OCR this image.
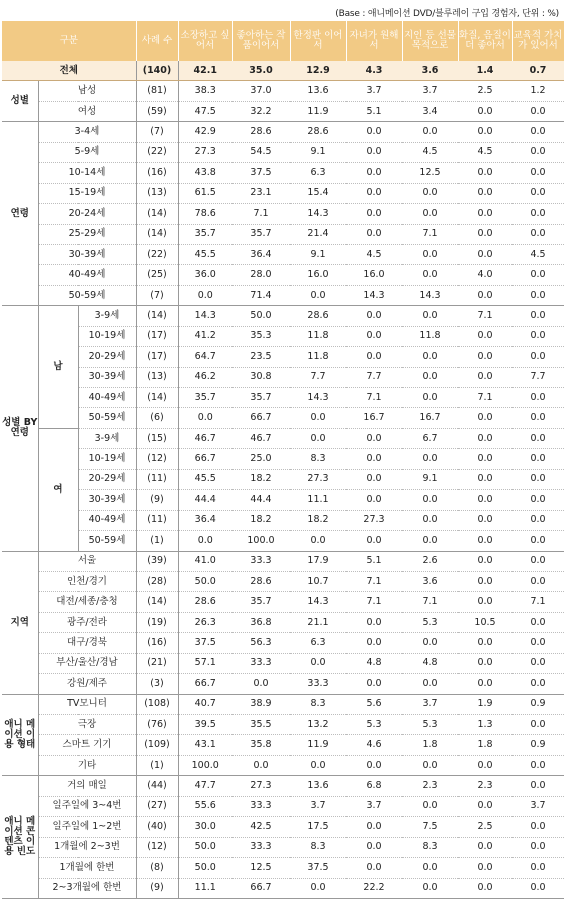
(Base : 애니메이션 DVD/블루레이 구입 경험자, 단위 : %)
구분			사례 수	소장하고 싶어서	좋아하는 작품이어서	한정판 이어서	자녀가 원해서	지인 등 선물 목적으로	화질, 음질이 더 좋아서	교육적 가치가 있어서
전체			(140)	42.1	35.0	12.9	4.3	3.6	1.4	0.7
성별	남성		(81)	38.3	37.0	13.6	3.7	3.7	2.5	1.2
	여성		(59)	47.5	32.2	11.9	5.1	3.4	0.0	0.0
연령	3-4세		(7)	42.9	28.6	28.6	0.0	0.0	0.0	0.0
	5-9세		(22)	27.3	54.5	9.1	0.0	4.5	4.5	0.0
	10-14세		(16)	43.8	37.5	6.3	0.0	12.5	0.0	0.0
	15-19세		(13)	61.5	23.1	15.4	0.0	0.0	0.0	0.0
	20-24세		(14)	78.6	7.1	14.3	0.0	0.0	0.0	0.0
	25-29세		(14)	35.7	35.7	21.4	0.0	7.1	0.0	0.0
	30-39세		(22)	45.5	36.4	9.1	4.5	0.0	0.0	4.5
	40-49세		(25)	36.0	28.0	16.0	16.0	0.0	4.0	0.0
	50-59세		(7)	0.0	71.4	0.0	14.3	14.3	0.0	0.0
성별 BY 연령	남	3-9세	(14)	14.3	50.0	28.6	0.0	0.0	7.1	0.0
		10-19세	(17)	41.2	35.3	11.8	0.0	11.8	0.0	0.0
		20-29세	(17)	64.7	23.5	11.8	0.0	0.0	0.0	0.0
		30-39세	(13)	46.2	30.8	7.7	7.7	0.0	0.0	7.7
		40-49세	(14)	35.7	35.7	14.3	7.1	0.0	7.1	0.0
		50-59세	(6)	0.0	66.7	0.0	16.7	16.7	0.0	0.0
	여	3-9세	(15)	46.7	46.7	0.0	0.0	6.7	0.0	0.0
		10-19세	(12)	66.7	25.0	8.3	0.0	0.0	0.0	0.0
		20-29세	(11)	45.5	18.2	27.3	0.0	9.1	0.0	0.0
		30-39세	(9)	44.4	44.4	11.1	0.0	0.0	0.0	0.0
		40-49세	(11)	36.4	18.2	18.2	27.3	0.0	0.0	0.0
		50-59세	(1)	0.0	100.0	0.0	0.0	0.0	0.0	0.0
지역	서울		(39)	41.0	33.3	17.9	5.1	2.6	0.0	0.0
	인천/경기		(28)	50.0	28.6	10.7	7.1	3.6	0.0	0.0
	대전/세종/충청		(14)	28.6	35.7	14.3	7.1	7.1	0.0	7.1
	광주/전라		(19)	26.3	36.8	21.1	0.0	5.3	10.5	0.0
	대구/경북		(16)	37.5	56.3	6.3	0.0	0.0	0.0	0.0
	부산/울산/경남		(21)	57.1	33.3	0.0	4.8	4.8	0.0	0.0
	강원/제주		(3)	66.7	0.0	33.3	0.0	0.0	0.0	0.0
애니 메이션 이용 형태	TV모니터		(108)	40.7	38.9	8.3	5.6	3.7	1.9	0.9
	극장		(76)	39.5	35.5	13.2	5.3	5.3	1.3	0.0
	스마트 기기		(109)	43.1	35.8	11.9	4.6	1.8	1.8	0.9
	기타		(1)	100.0	0.0	0.0	0.0	0.0	0.0	0.0
애니 메이션 콘텐츠 이용 빈도	거의 매일		(44)	47.7	27.3	13.6	6.8	2.3	2.3	0.0
	일주일에 3~4번		(27)	55.6	33.3	3.7	3.7	0.0	0.0	3.7
	일주일에 1~2번		(40)	30.0	42.5	17.5	0.0	7.5	2.5	0.0
	1개월에 2~3번		(12)	50.0	33.3	8.3	0.0	8.3	0.0	0.0
	1개월에 한번		(8)	50.0	12.5	37.5	0.0	0.0	0.0	0.0
	2~3개월에 한번		(9)	11.1	66.7	0.0	22.2	0.0	0.0	0.0
